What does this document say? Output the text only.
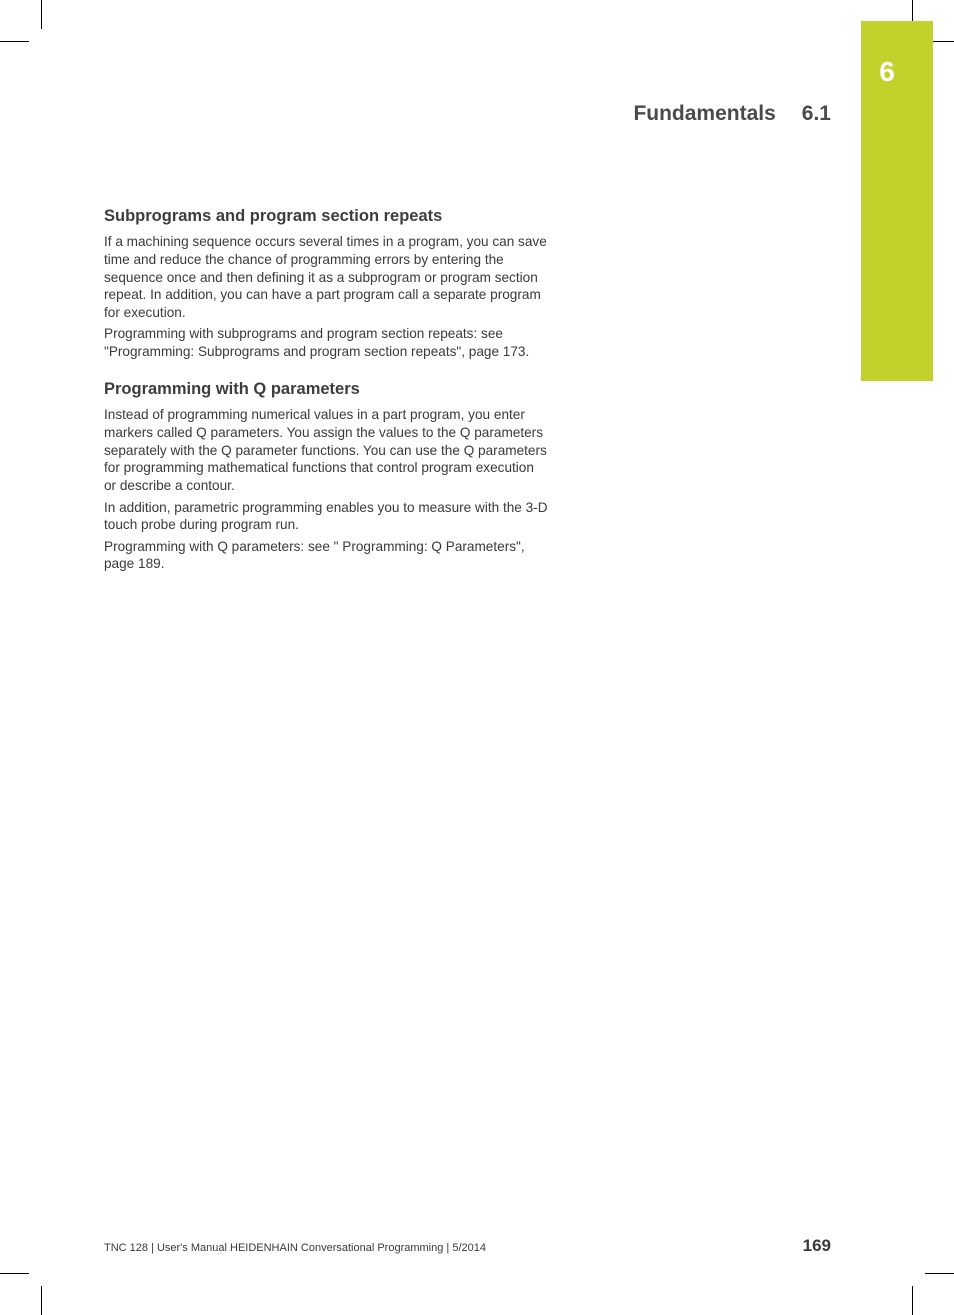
6
Fundamentals 6.1
Subprograms and program section repeats

If a machining sequence occurs several times in a program, you can save time and reduce the chance of programming errors by entering the sequence once and then defining it as a subprogram or program section repeat. In addition, you can have a part program call a separate program for execution.

Programming with subprograms and program section repeats: see "Programming: Subprograms and program section repeats", page 173.

Programming with Q parameters

Instead of programming numerical values in a part program, you enter markers called Q parameters. You assign the values to the Q parameters separately with the Q parameter functions. You can use the Q parameters for programming mathematical functions that control program execution or describe a contour.

In addition, parametric programming enables you to measure with the 3-D touch probe during program run.

Programming with Q parameters: see " Programming: Q Parameters", page 189.

TNC 128 | User's Manual HEIDENHAIN Conversational Programming | 5/2014	169
